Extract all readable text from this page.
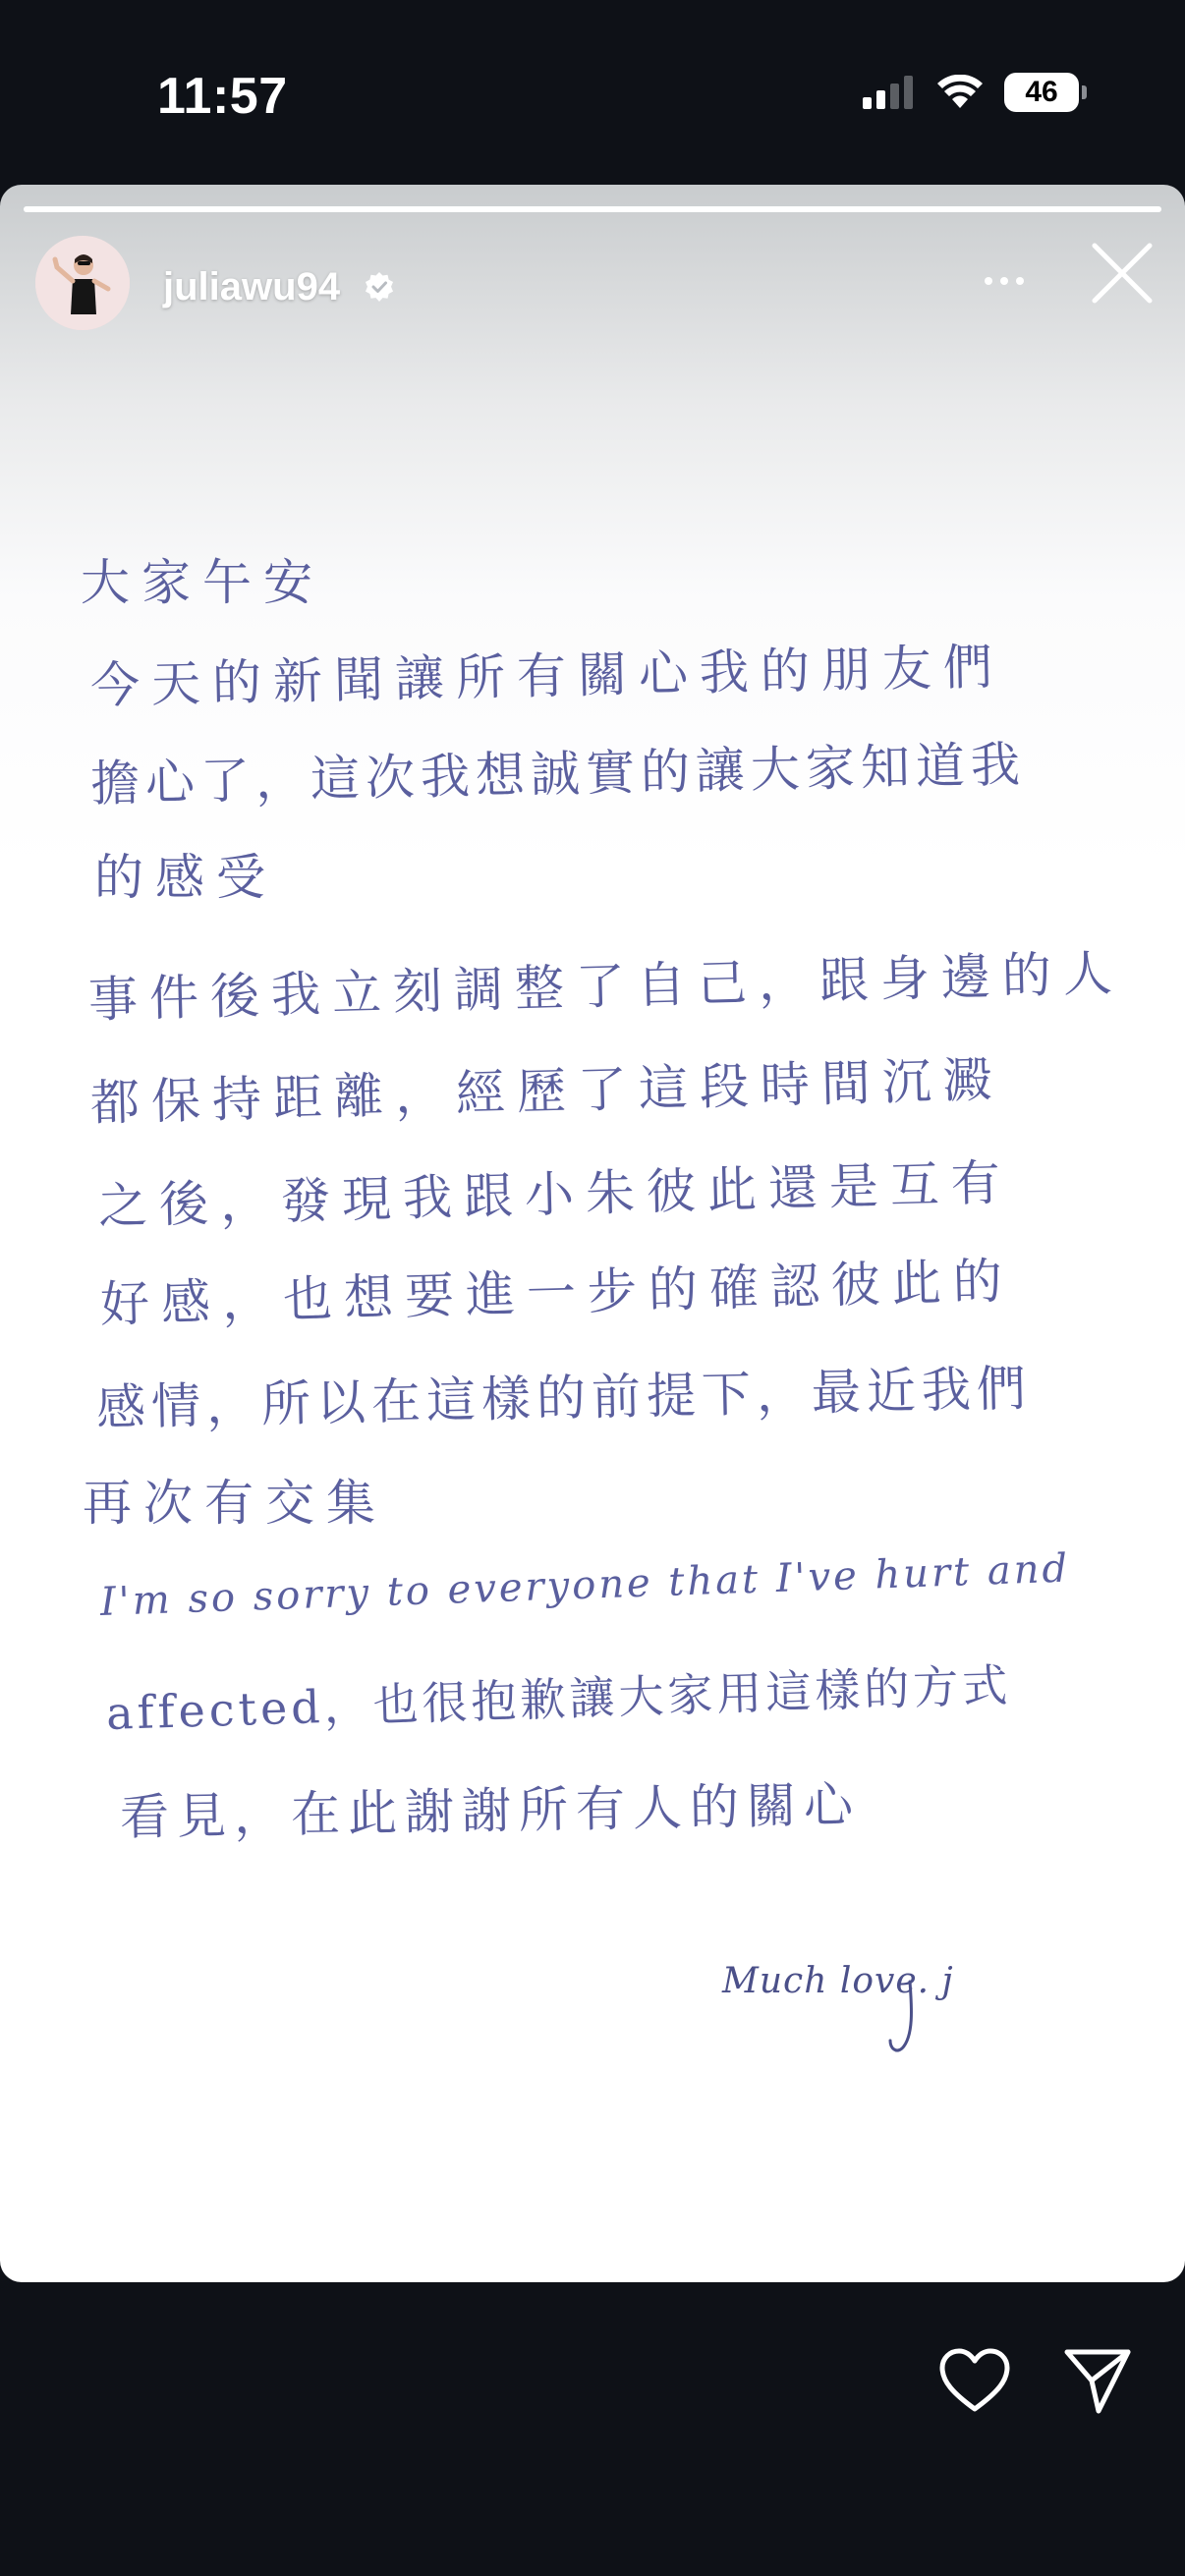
11:57	46
大家午安
今天的新聞讓所有關心我的朋友們
擔心了，這次我想誠實的讓大家知道我
的感受
事件後我立刻調整了自己，跟身邊的人
都保持距離，經歷了這段時間沉澱
之後，發現我跟小朱彼此還是互有
好感，也想要進一步的確認彼此的
感情，所以在這樣的前提下，最近我們
再次有交集
I'm so sorry to everyone that I've hurt and
affected，也很抱歉讓大家用這樣的方式
看見，在此謝謝所有人的關心
Much love. j
juliawu94
